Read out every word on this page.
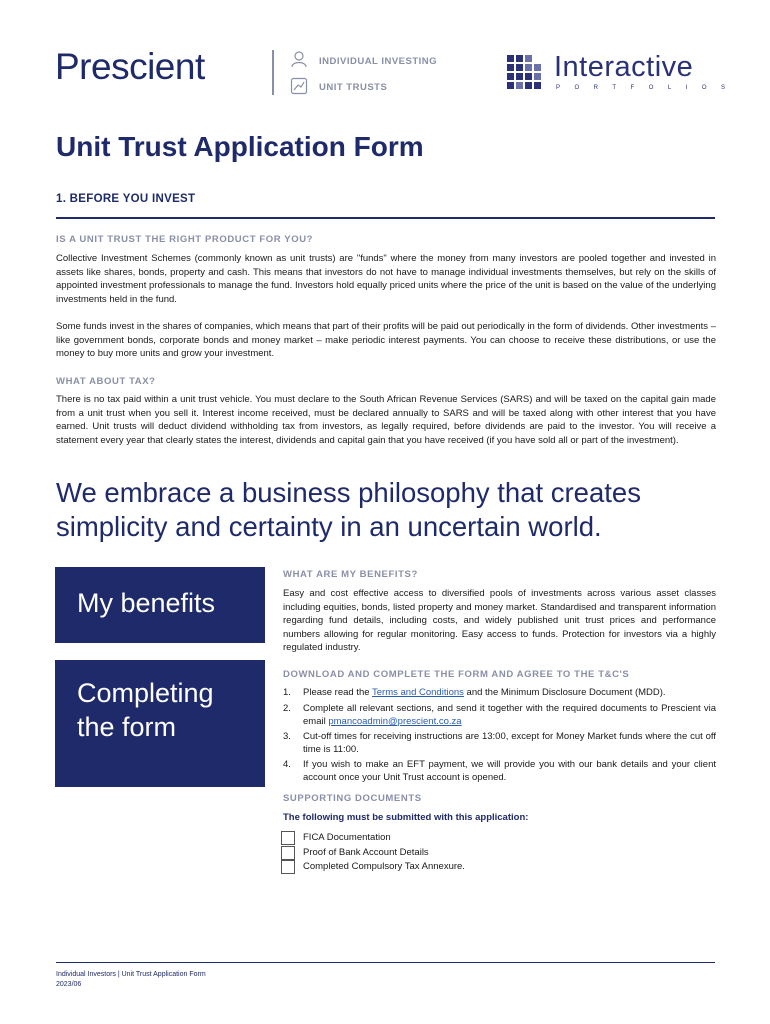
Prescient	INDIVIDUAL INVESTING
UNIT TRUSTS
Interactive
PORTFOLIOS
Unit Trust Application Form
1. BEFORE YOU INVEST
IS A UNIT TRUST THE RIGHT PRODUCT FOR YOU?
Collective Investment Schemes (commonly known as unit trusts) are "funds" where the money from many investors are pooled together and invested in assets like shares, bonds, property and cash. This means that investors do not have to manage individual investments themselves, but rely on the skills of appointed investment professionals to manage the fund. Investors hold equally priced units where the price of the unit is based on the value of the underlying investments held in the fund.
Some funds invest in the shares of companies, which means that part of their profits will be paid out periodically in the form of dividends. Other investments – like government bonds, corporate bonds and money market – make periodic interest payments. You can choose to receive these distributions, or use the money to buy more units and grow your investment.
WHAT ABOUT TAX?
There is no tax paid within a unit trust vehicle. You must declare to the South African Revenue Services (SARS) and will be taxed on the capital gain made from a unit trust when you sell it. Interest income received, must be declared annually to SARS and will be taxed along with other interest that you have earned. Unit trusts will deduct dividend withholding tax from investors, as legally required, before dividends are paid to the investor. You will receive a statement every year that clearly states the interest, dividends and capital gain that you have received (if you have sold all or part of the investment).
We embrace a business philosophy that creates simplicity and certainty in an uncertain world.
My benefits
WHAT ARE MY BENEFITS?
Easy and cost effective access to diversified pools of investments across various asset classes including equities, bonds, listed property and money market. Standardised and transparent information regarding fund details, including costs, and widely published unit trust prices and performance numbers allowing for regular monitoring. Easy access to funds. Protection for investors via a highly regulated industry.
Completing
the form
DOWNLOAD AND COMPLETE THE FORM AND AGREE TO THE T&C'S
1. Please read the Terms and Conditions and the Minimum Disclosure Document (MDD).
2. Complete all relevant sections, and send it together with the required documents to Prescient via email pmancoadmin@prescient.co.za
3. Cut-off times for receiving instructions are 13:00, except for Money Market funds where the cut off time is 11:00.
4. If you wish to make an EFT payment, we will provide you with our bank details and your client account once your Unit Trust account is opened.
SUPPORTING DOCUMENTS
The following must be submitted with this application:
FICA Documentation
Proof of Bank Account Details
Completed Compulsory Tax Annexure.
Individual Investors | Unit Trust Application Form
2023/06
